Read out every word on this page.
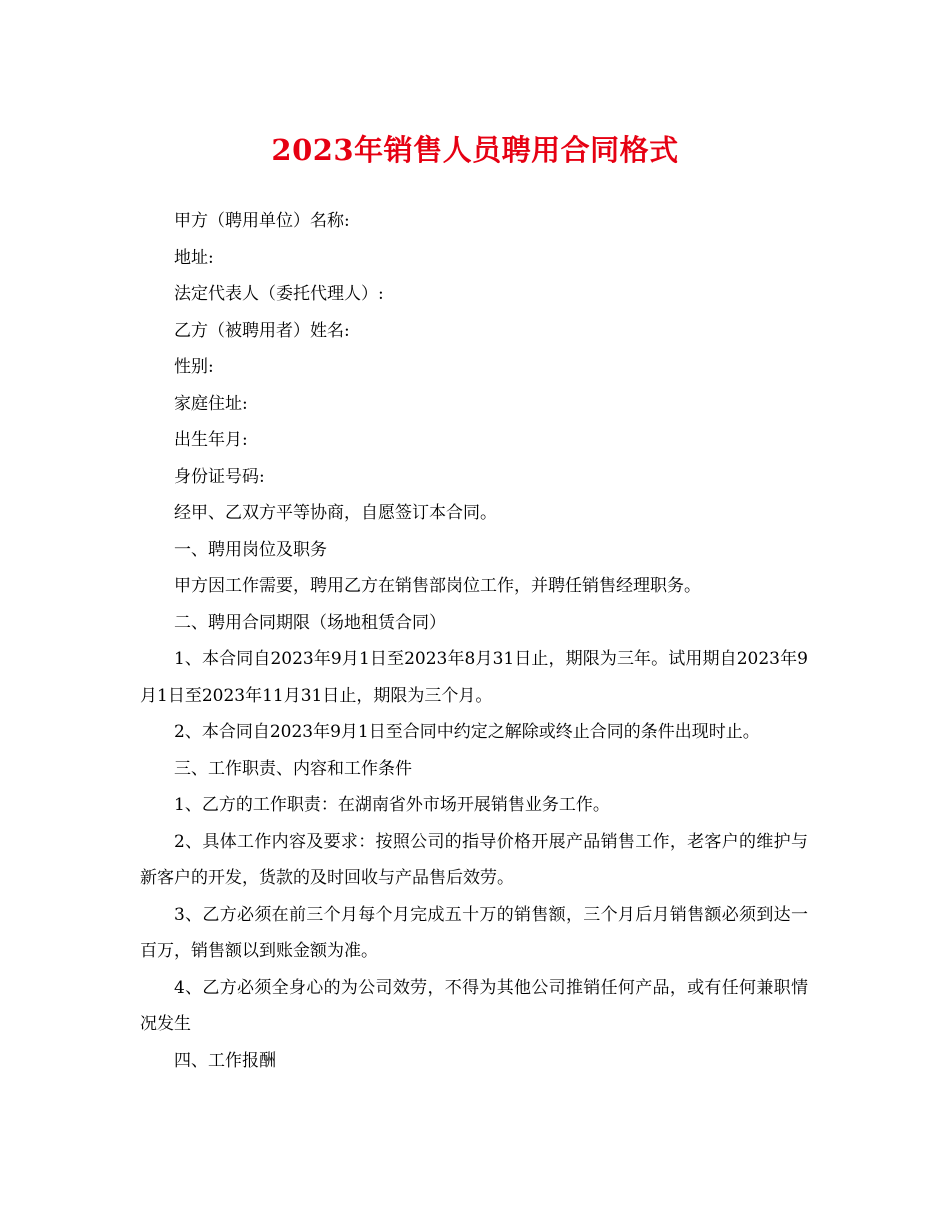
2023年销售人员聘用合同格式

甲方（聘用单位）名称:

地址:

法定代表人（委托代理人）:

乙方（被聘用者）姓名:

性别:

家庭住址:

出生年月:

身份证号码:

经甲、乙双方平等协商，自愿签订本合同。

一、聘用岗位及职务

甲方因工作需要，聘用乙方在销售部岗位工作，并聘任销售经理职务。

二、聘用合同期限（场地租赁合同）

1、本合同自2023年9月1日至2023年8月31日止，期限为三年。试用期自2023年9月1日至2023年11月31日止，期限为三个月。

2、本合同自2023年9月1日至合同中约定之解除或终止合同的条件出现时止。

三、工作职责、内容和工作条件

1、乙方的工作职责：在湖南省外市场开展销售业务工作。

2、具体工作内容及要求：按照公司的指导价格开展产品销售工作，老客户的维护与新客户的开发，货款的及时回收与产品售后效劳。

3、乙方必须在前三个月每个月完成五十万的销售额，三个月后月销售额必须到达一百万，销售额以到账金额为准。

4、乙方必须全身心的为公司效劳，不得为其他公司推销任何产品，或有任何兼职情况发生

四、工作报酬
